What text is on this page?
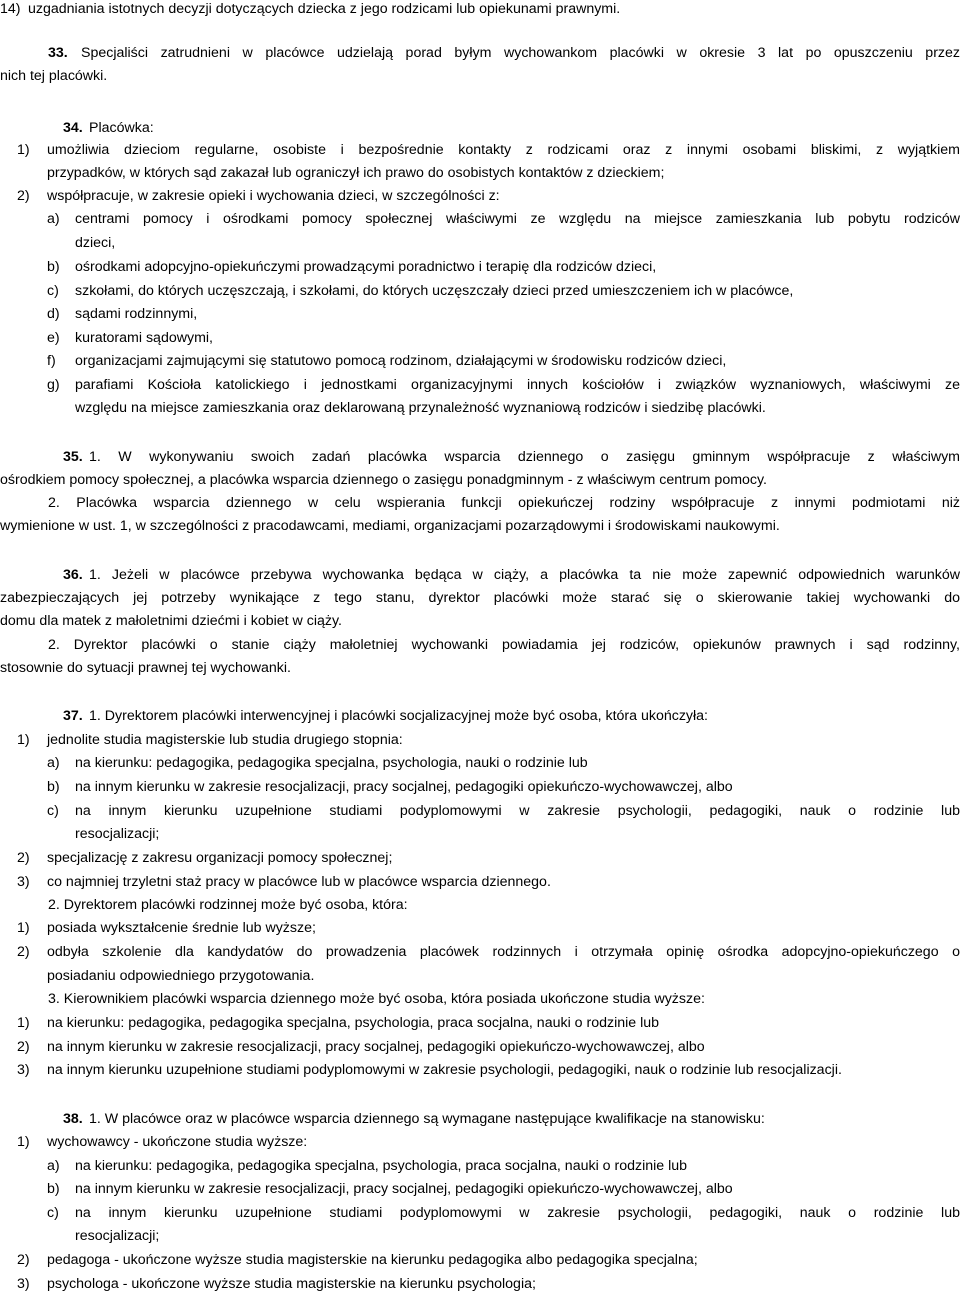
14) uzgadniania istotnych decyzji dotyczących dziecka z jego rodzicami lub opiekunami prawnymi.
33. Specjaliści zatrudnieni w placówce udzielają porad byłym wychowankom placówki w okresie 3 lat po opuszczeniu przez
nich tej placówki.
34. Placówka:
1) umożliwia dzieciom regularne, osobiste i bezpośrednie kontakty z rodzicami oraz z innymi osobami bliskimi, z wyjątkiem
przypadków, w których sąd zakazał lub ograniczył ich prawo do osobistych kontaktów z dzieckiem;
2) współpracuje, w zakresie opieki i wychowania dzieci, w szczególności z:
a) centrami pomocy i ośrodkami pomocy społecznej właściwymi ze względu na miejsce zamieszkania lub pobytu rodziców
dzieci,
b) ośrodkami adopcyjno-opiekuńczymi prowadzącymi poradnictwo i terapię dla rodziców dzieci,
c) szkołami, do których uczęszczają, i szkołami, do których uczęszczały dzieci przed umieszczeniem ich w placówce,
d) sądami rodzinnymi,
e) kuratorami sądowymi,
f) organizacjami zajmującymi się statutowo pomocą rodzinom, działającymi w środowisku rodziców dzieci,
g) parafiami Kościoła katolickiego i jednostkami organizacyjnymi innych kościołów i związków wyznaniowych, właściwymi ze
względu na miejsce zamieszkania oraz deklarowaną przynależność wyznaniową rodziców i siedzibę placówki.
35. 1. W wykonywaniu swoich zadań placówka wsparcia dziennego o zasięgu gminnym współpracuje z właściwym
ośrodkiem pomocy społecznej, a placówka wsparcia dziennego o zasięgu ponadgminnym - z właściwym centrum pomocy.
2. Placówka wsparcia dziennego w celu wspierania funkcji opiekuńczej rodziny współpracuje z innymi podmiotami niż
wymienione w ust. 1, w szczególności z pracodawcami, mediami, organizacjami pozarządowymi i środowiskami naukowymi.
36. 1. Jeżeli w placówce przebywa wychowanka będąca w ciąży, a placówka ta nie może zapewnić odpowiednich warunków
zabezpieczających jej potrzeby wynikające z tego stanu, dyrektor placówki może starać się o skierowanie takiej wychowanki do
domu dla matek z małoletnimi dziećmi i kobiet w ciąży.
2. Dyrektor placówki o stanie ciąży małoletniej wychowanki powiadamia jej rodziców, opiekunów prawnych i sąd rodzinny,
stosownie do sytuacji prawnej tej wychowanki.
37. 1. Dyrektorem placówki interwencyjnej i placówki socjalizacyjnej może być osoba, która ukończyła:
1) jednolite studia magisterskie lub studia drugiego stopnia:
a) na kierunku: pedagogika, pedagogika specjalna, psychologia, nauki o rodzinie lub
b) na innym kierunku w zakresie resocjalizacji, pracy socjalnej, pedagogiki opiekuńczo-wychowawczej, albo
c) na innym kierunku uzupełnione studiami podyplomowymi w zakresie psychologii, pedagogiki, nauk o rodzinie lub
resocjalizacji;
2) specjalizację z zakresu organizacji pomocy społecznej;
3) co najmniej trzyletni staż pracy w placówce lub w placówce wsparcia dziennego.
2. Dyrektorem placówki rodzinnej może być osoba, która:
1) posiada wykształcenie średnie lub wyższe;
2) odbyła szkolenie dla kandydatów do prowadzenia placówek rodzinnych i otrzymała opinię ośrodka adopcyjno-opiekuńczego o
posiadaniu odpowiedniego przygotowania.
3. Kierownikiem placówki wsparcia dziennego może być osoba, która posiada ukończone studia wyższe:
1) na kierunku: pedagogika, pedagogika specjalna, psychologia, praca socjalna, nauki o rodzinie lub
2) na innym kierunku w zakresie resocjalizacji, pracy socjalnej, pedagogiki opiekuńczo-wychowawczej, albo
3) na innym kierunku uzupełnione studiami podyplomowymi w zakresie psychologii, pedagogiki, nauk o rodzinie lub resocjalizacji.
38. 1. W placówce oraz w placówce wsparcia dziennego są wymagane następujące kwalifikacje na stanowisku:
1) wychowawcy - ukończone studia wyższe:
a) na kierunku: pedagogika, pedagogika specjalna, psychologia, praca socjalna, nauki o rodzinie lub
b) na innym kierunku w zakresie resocjalizacji, pracy socjalnej, pedagogiki opiekuńczo-wychowawczej, albo
c) na innym kierunku uzupełnione studiami podyplomowymi w zakresie psychologii, pedagogiki, nauk o rodzinie lub
resocjalizacji;
2) pedagoga - ukończone wyższe studia magisterskie na kierunku pedagogika albo pedagogika specjalna;
3) psychologa - ukończone wyższe studia magisterskie na kierunku psychologia;
